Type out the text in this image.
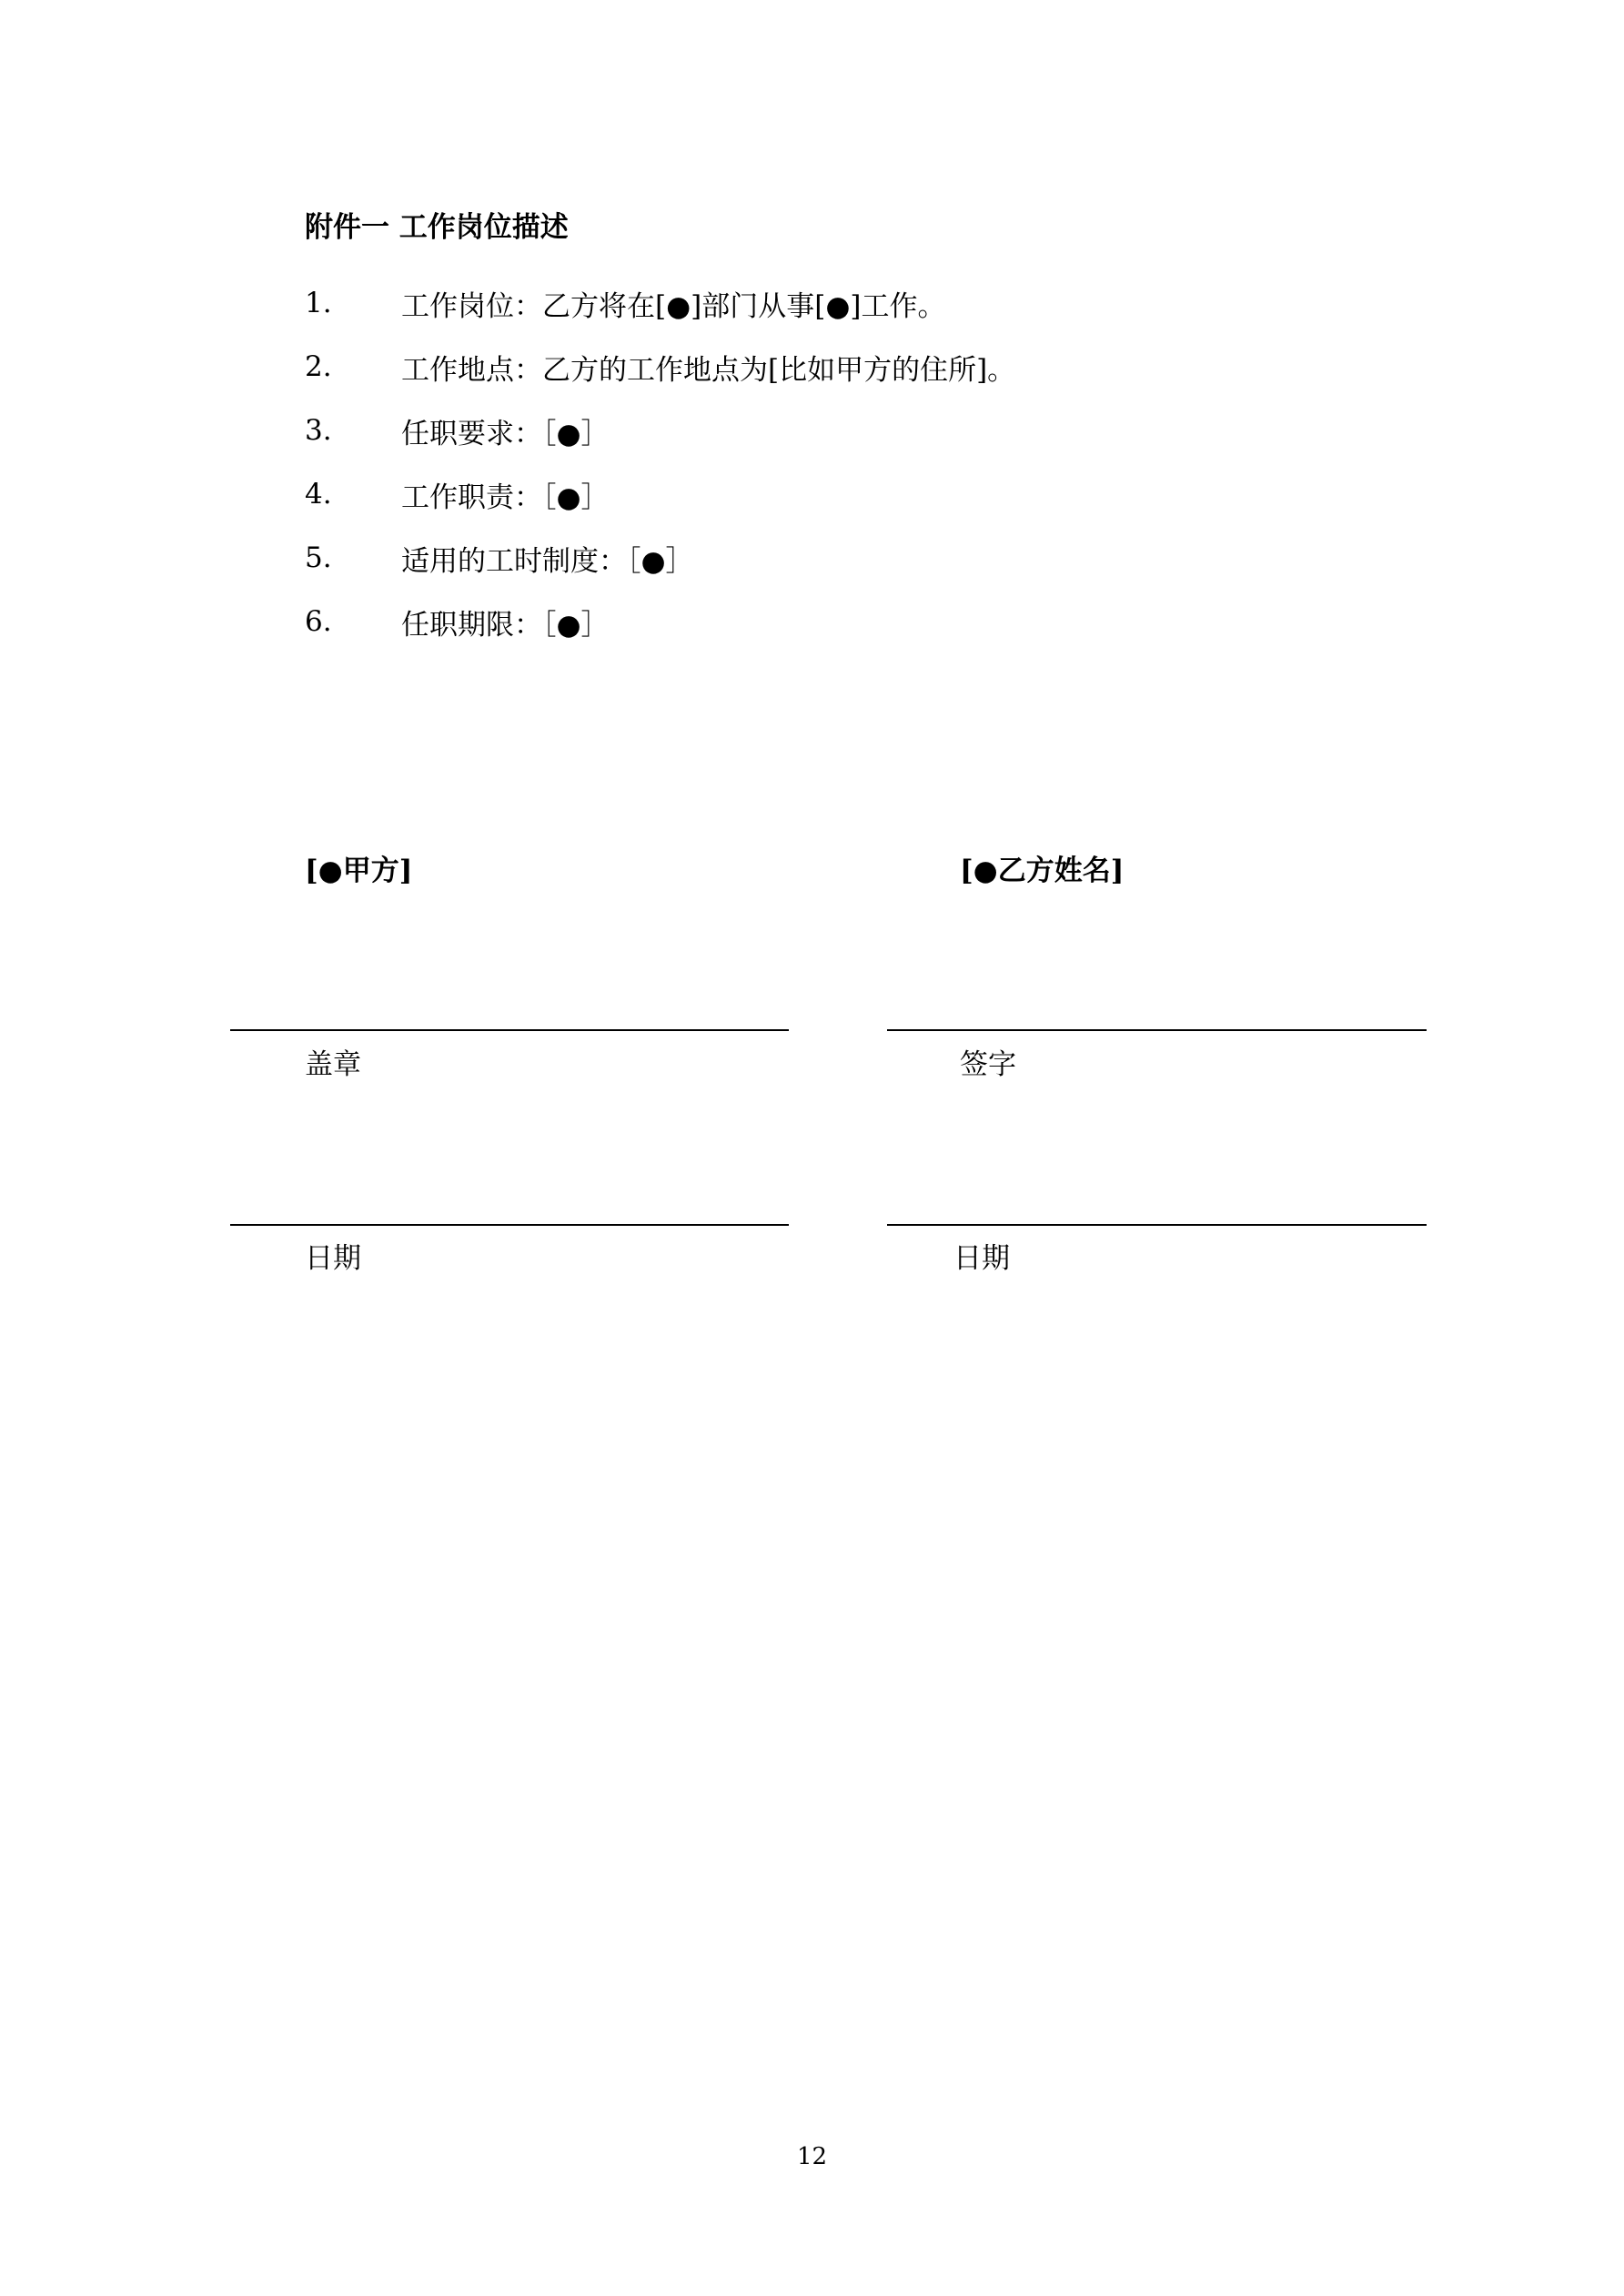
附件一 工作岗位描述
1.	工作岗位：乙方将在[●]部门从事[●]工作。
2.	工作地点：乙方的工作地点为[比如甲方的住所]。
3.	任职要求：［●］
4.	工作职责：［●］
5.	适用的工时制度：［●］
6.	任职期限：［●］
[●甲方]	[●乙方姓名]
盖章	签字
日期	日期
12
